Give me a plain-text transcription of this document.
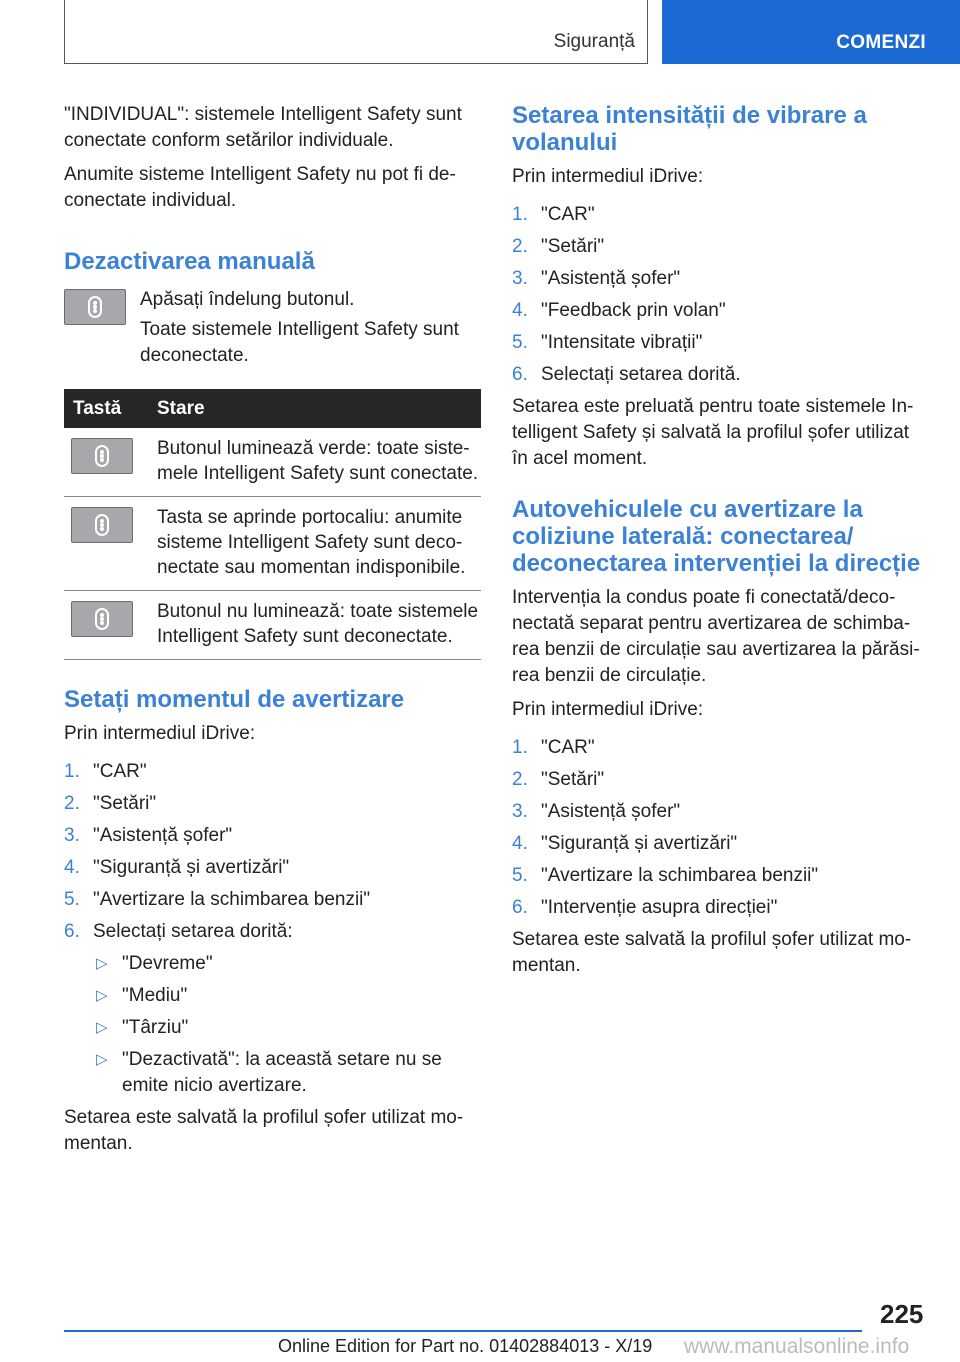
Siguranță	COMENZI

"INDIVIDUAL": sistemele Intelligent Safety sunt conectate conform setărilor individuale.

Anumite sisteme Intelligent Safety nu pot fi deconectate individual.

Dezactivarea manuală

Apăsați îndelung butonul.

Toate sistemele Intelligent Safety sunt deconectate.

Tastă	Stare

	Butonul luminează verde: toate sistemele Intelligent Safety sunt conectate.

	Tasta se aprinde portocaliu: anumite sisteme Intelligent Safety sunt deconectate sau momentan indisponibile.

	Butonul nu luminează: toate sistemele Intelligent Safety sunt deconectate.
Setați momentul de avertizare

Prin intermediul iDrive:

1. "CAR"
2. "Setări"
3. "Asistență șofer"
4. "Siguranță și avertizări"
5. "Avertizare la schimbarea benzii"
6. Selectați setarea dorită:
▷ "Devreme"
▷ "Mediu"
▷ "Târziu"
▷ "Dezactivată": la această setare nu se emite nicio avertizare.

Setarea este salvată la profilul șofer utilizat momentan.

Setarea intensității de vibrare a volanului

Prin intermediul iDrive:

1. "CAR"
2. "Setări"
3. "Asistență șofer"
4. "Feedback prin volan"
5. "Intensitate vibrații"
6. Selectați setarea dorită.

Setarea este preluată pentru toate sistemele Intelligent Safety și salvată la profilul șofer utilizat în acel moment.

Autovehiculele cu avertizare la coliziune laterală: conectarea/ deconectarea intervenției la direcție

Intervenția la condus poate fi conectată/deconectată separat pentru avertizarea de schimbarea benzii de circulație sau avertizarea la părăsirea benzii de circulație.

Prin intermediul iDrive:

1. "CAR"
2. "Setări"
3. "Asistență șofer"
4. "Siguranță și avertizări"
5. "Avertizare la schimbarea benzii"
6. "Intervenție asupra direcției"

Setarea este salvată la profilul șofer utilizat momentan.

225
Online Edition for Part no. 01402884013 - X/19 www.manualsonline.info
